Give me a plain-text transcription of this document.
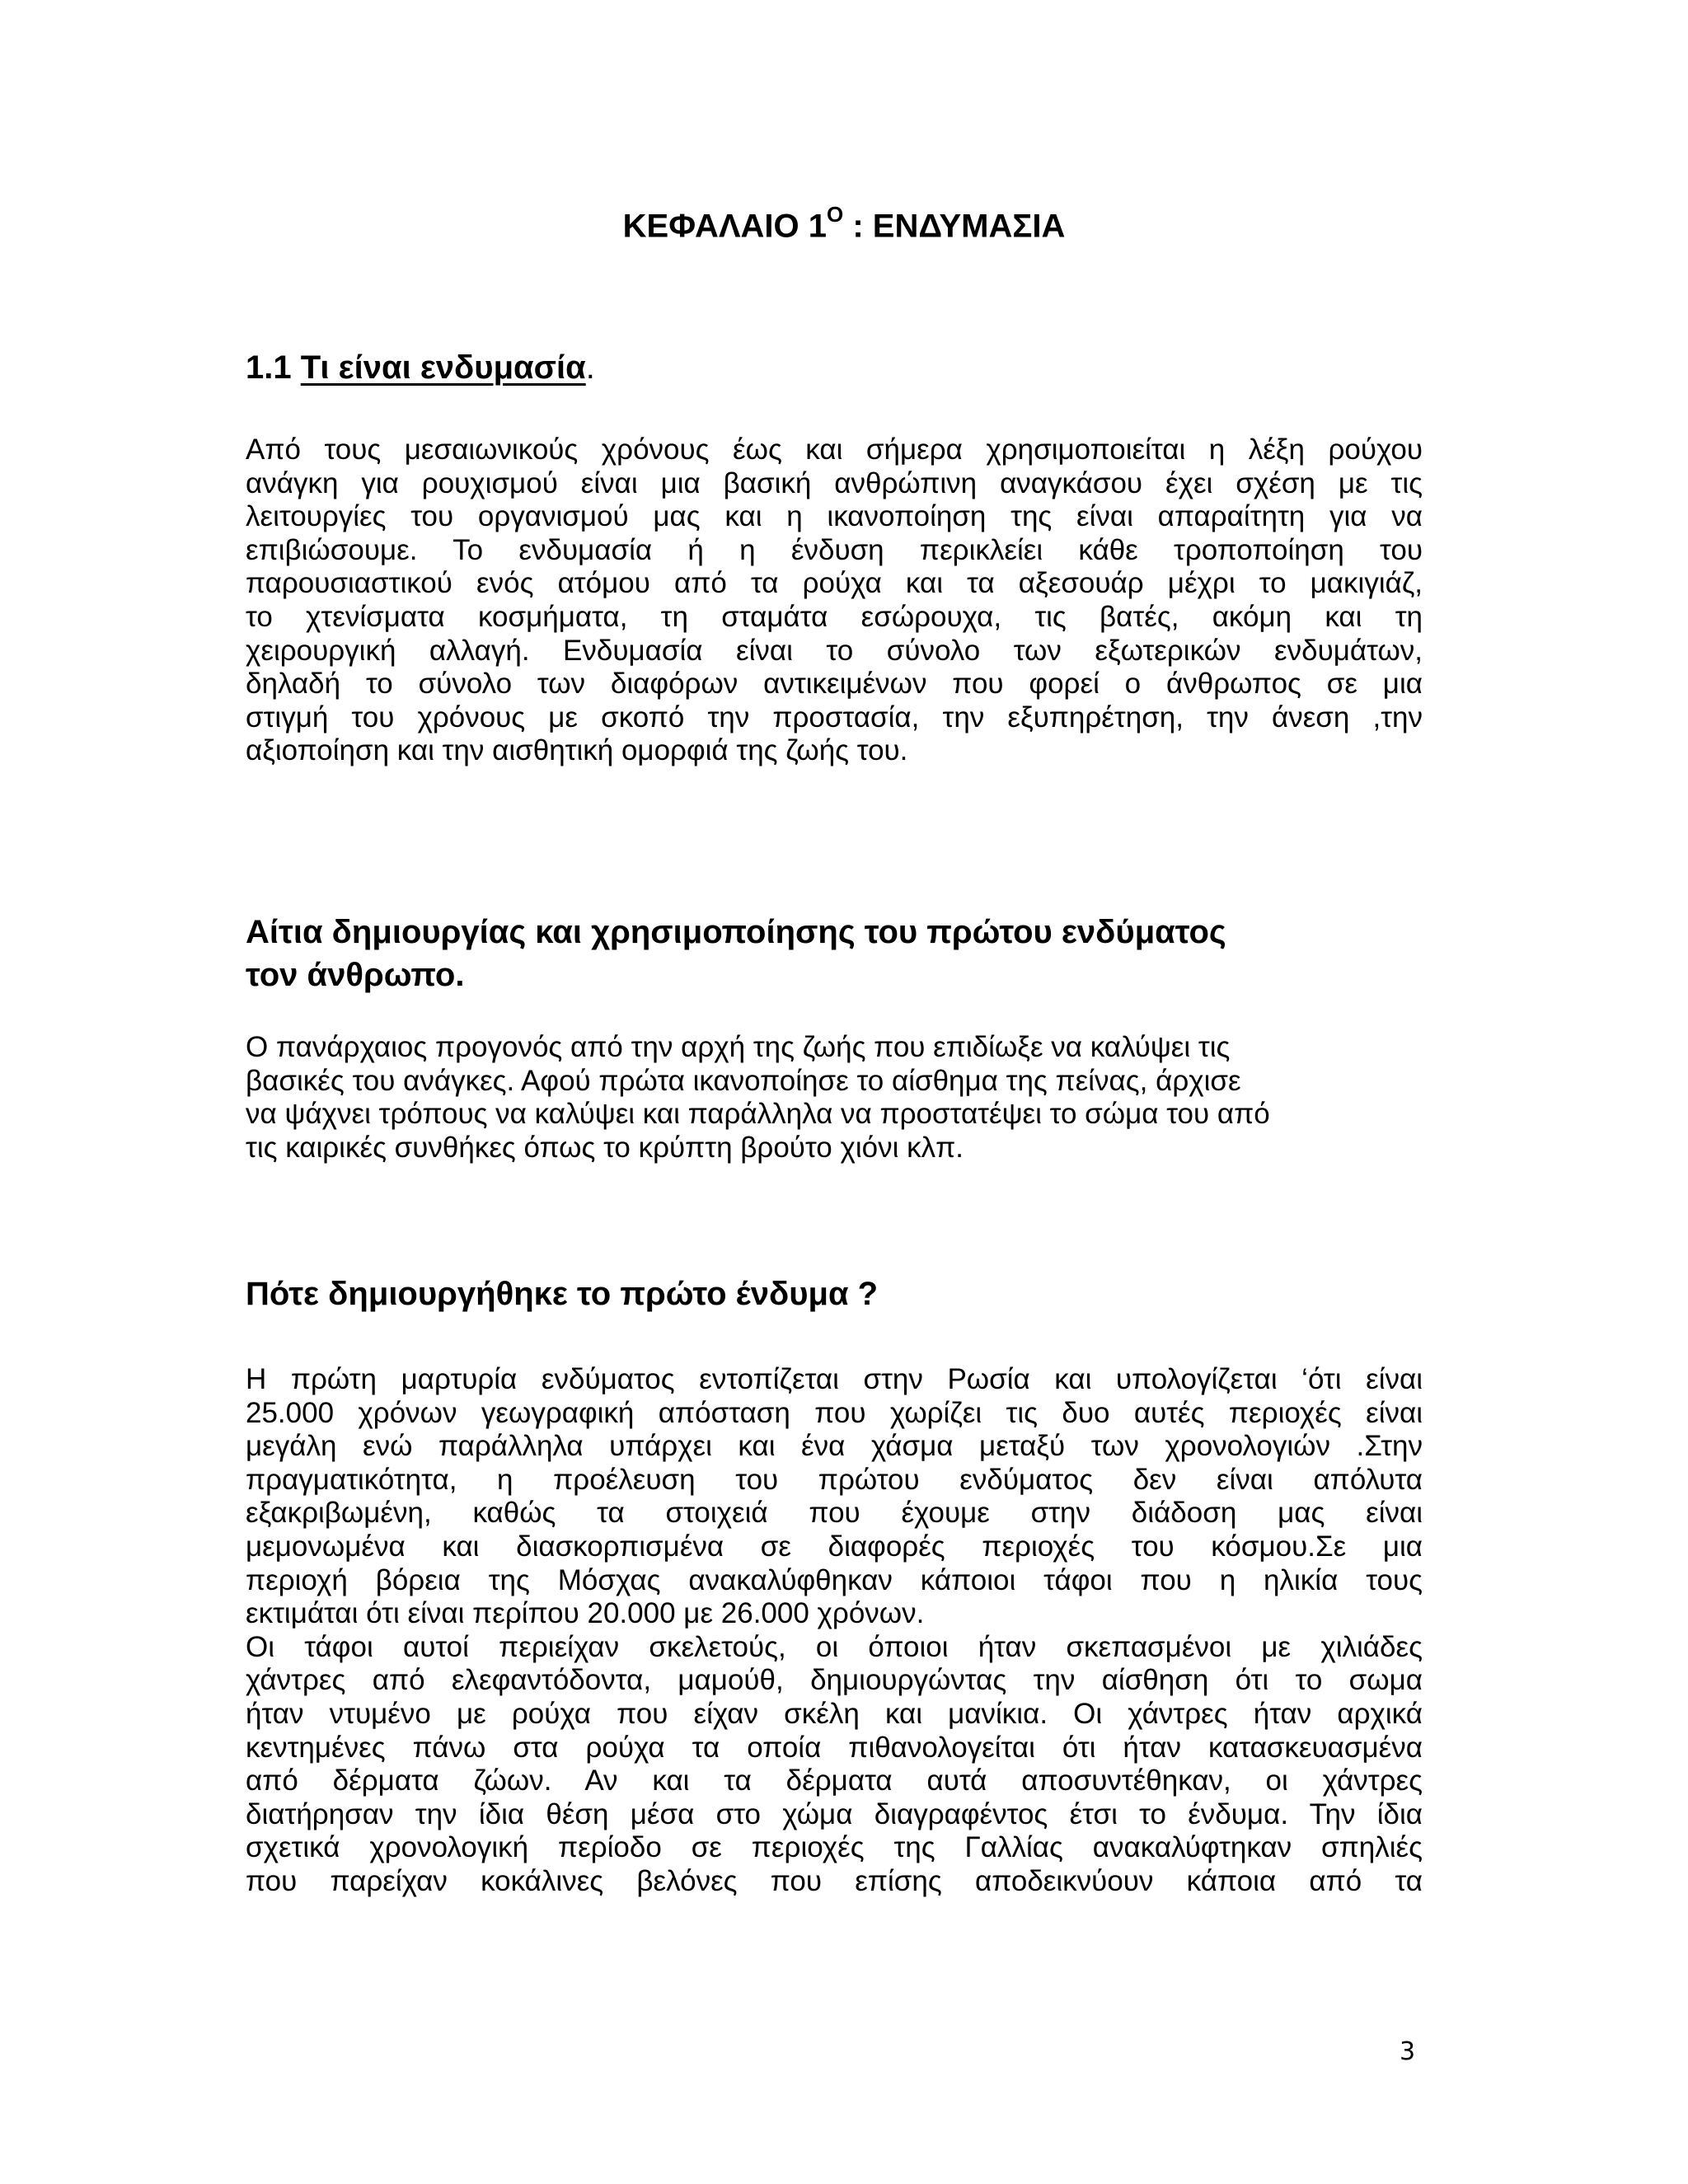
ΚΕΦΑΛΑΙΟ $1^O$ : ΕΝΔΥΜΑΣΙΑ
1.1 Τι είναι ενδυμασία.

Από τους μεσαιωνικούς χρόνους έως και σήμερα χρησιμοποιείται η λέξη ρούχου
ανάγκη για ρουχισμού είναι μια βασική ανθρώπινη αναγκάσου έχει σχέση με τις
λειτουργίες του οργανισμού μας και η ικανοποίηση της είναι απαραίτητη για να
επιβιώσουμε. Το ενδυμασία ή η ένδυση περικλείει κάθε τροποποίηση του
παρουσιαστικού ενός ατόμου από τα ρούχα και τα αξεσουάρ μέχρι το μακιγιάζ,
το χτενίσματα κοσμήματα, τη σταμάτα εσώρουχα, τις βατές, ακόμη και τη
χειρουργική αλλαγή. Ενδυμασία είναι το σύνολο των εξωτερικών ενδυμάτων,
δηλαδή το σύνολο των διαφόρων αντικειμένων που φορεί ο άνθρωπος σε μια
στιγμή του χρόνους με σκοπό την προστασία, την εξυπηρέτηση, την άνεση ,την
αξιοποίηση και την αισθητική ομορφιά της ζωής του.

Αίτια δημιουργίας και χρησιμοποίησης του πρώτου ενδύματος
τον άνθρωπο.

Ο πανάρχαιος προγονός από την αρχή της ζωής που επιδίωξε να καλύψει τις
βασικές του ανάγκες. Αφού πρώτα ικανοποίησε το αίσθημα της πείνας, άρχισε
να ψάχνει τρόπους να καλύψει και παράλληλα να προστατέψει το σώμα του από
τις καιρικές συνθήκες όπως το κρύπτη βρούτο χιόνι κλπ.

Πότε δημιουργήθηκε το πρώτο ένδυμα ?

Η πρώτη μαρτυρία ενδύματος εντοπίζεται στην Ρωσία και υπολογίζεται ‘ότι είναι
25.000 χρόνων γεωγραφική απόσταση που χωρίζει τις δυο αυτές περιοχές είναι
μεγάλη ενώ παράλληλα υπάρχει και ένα χάσμα μεταξύ των χρονολογιών .Στην
πραγματικότητα, η προέλευση του πρώτου ενδύματος δεν είναι απόλυτα
εξακριβωμένη, καθώς τα στοιχειά που έχουμε στην διάδοση μας είναι
μεμονωμένα και διασκορπισμένα σε διαφορές περιοχές του κόσμου.Σε μια
περιοχή βόρεια της Μόσχας ανακαλύφθηκαν κάποιοι τάφοι που η ηλικία τους
εκτιμάται ότι είναι περίπου 20.000 με 26.000 χρόνων.
Οι τάφοι αυτοί περιείχαν σκελετούς, οι όποιοι ήταν σκεπασμένοι με χιλιάδες
χάντρες από ελεφαντόδοντα, μαμούθ, δημιουργώντας την αίσθηση ότι το σωμα
ήταν ντυμένο με ρούχα που είχαν σκέλη και μανίκια. Οι χάντρες ήταν αρχικά
κεντημένες πάνω στα ρούχα τα οποία πιθανολογείται ότι ήταν κατασκευασμένα
από δέρματα ζώων. Αν και τα δέρματα αυτά αποσυντέθηκαν, οι χάντρες
διατήρησαν την ίδια θέση μέσα στο χώμα διαγραφέντος έτσι το ένδυμα. Την ίδια
σχετικά χρονολογική περίοδο σε περιοχές της Γαλλίας ανακαλύφτηκαν σπηλιές
που παρείχαν κοκάλινες βελόνες που επίσης αποδεικνύουν κάποια από τα

3
